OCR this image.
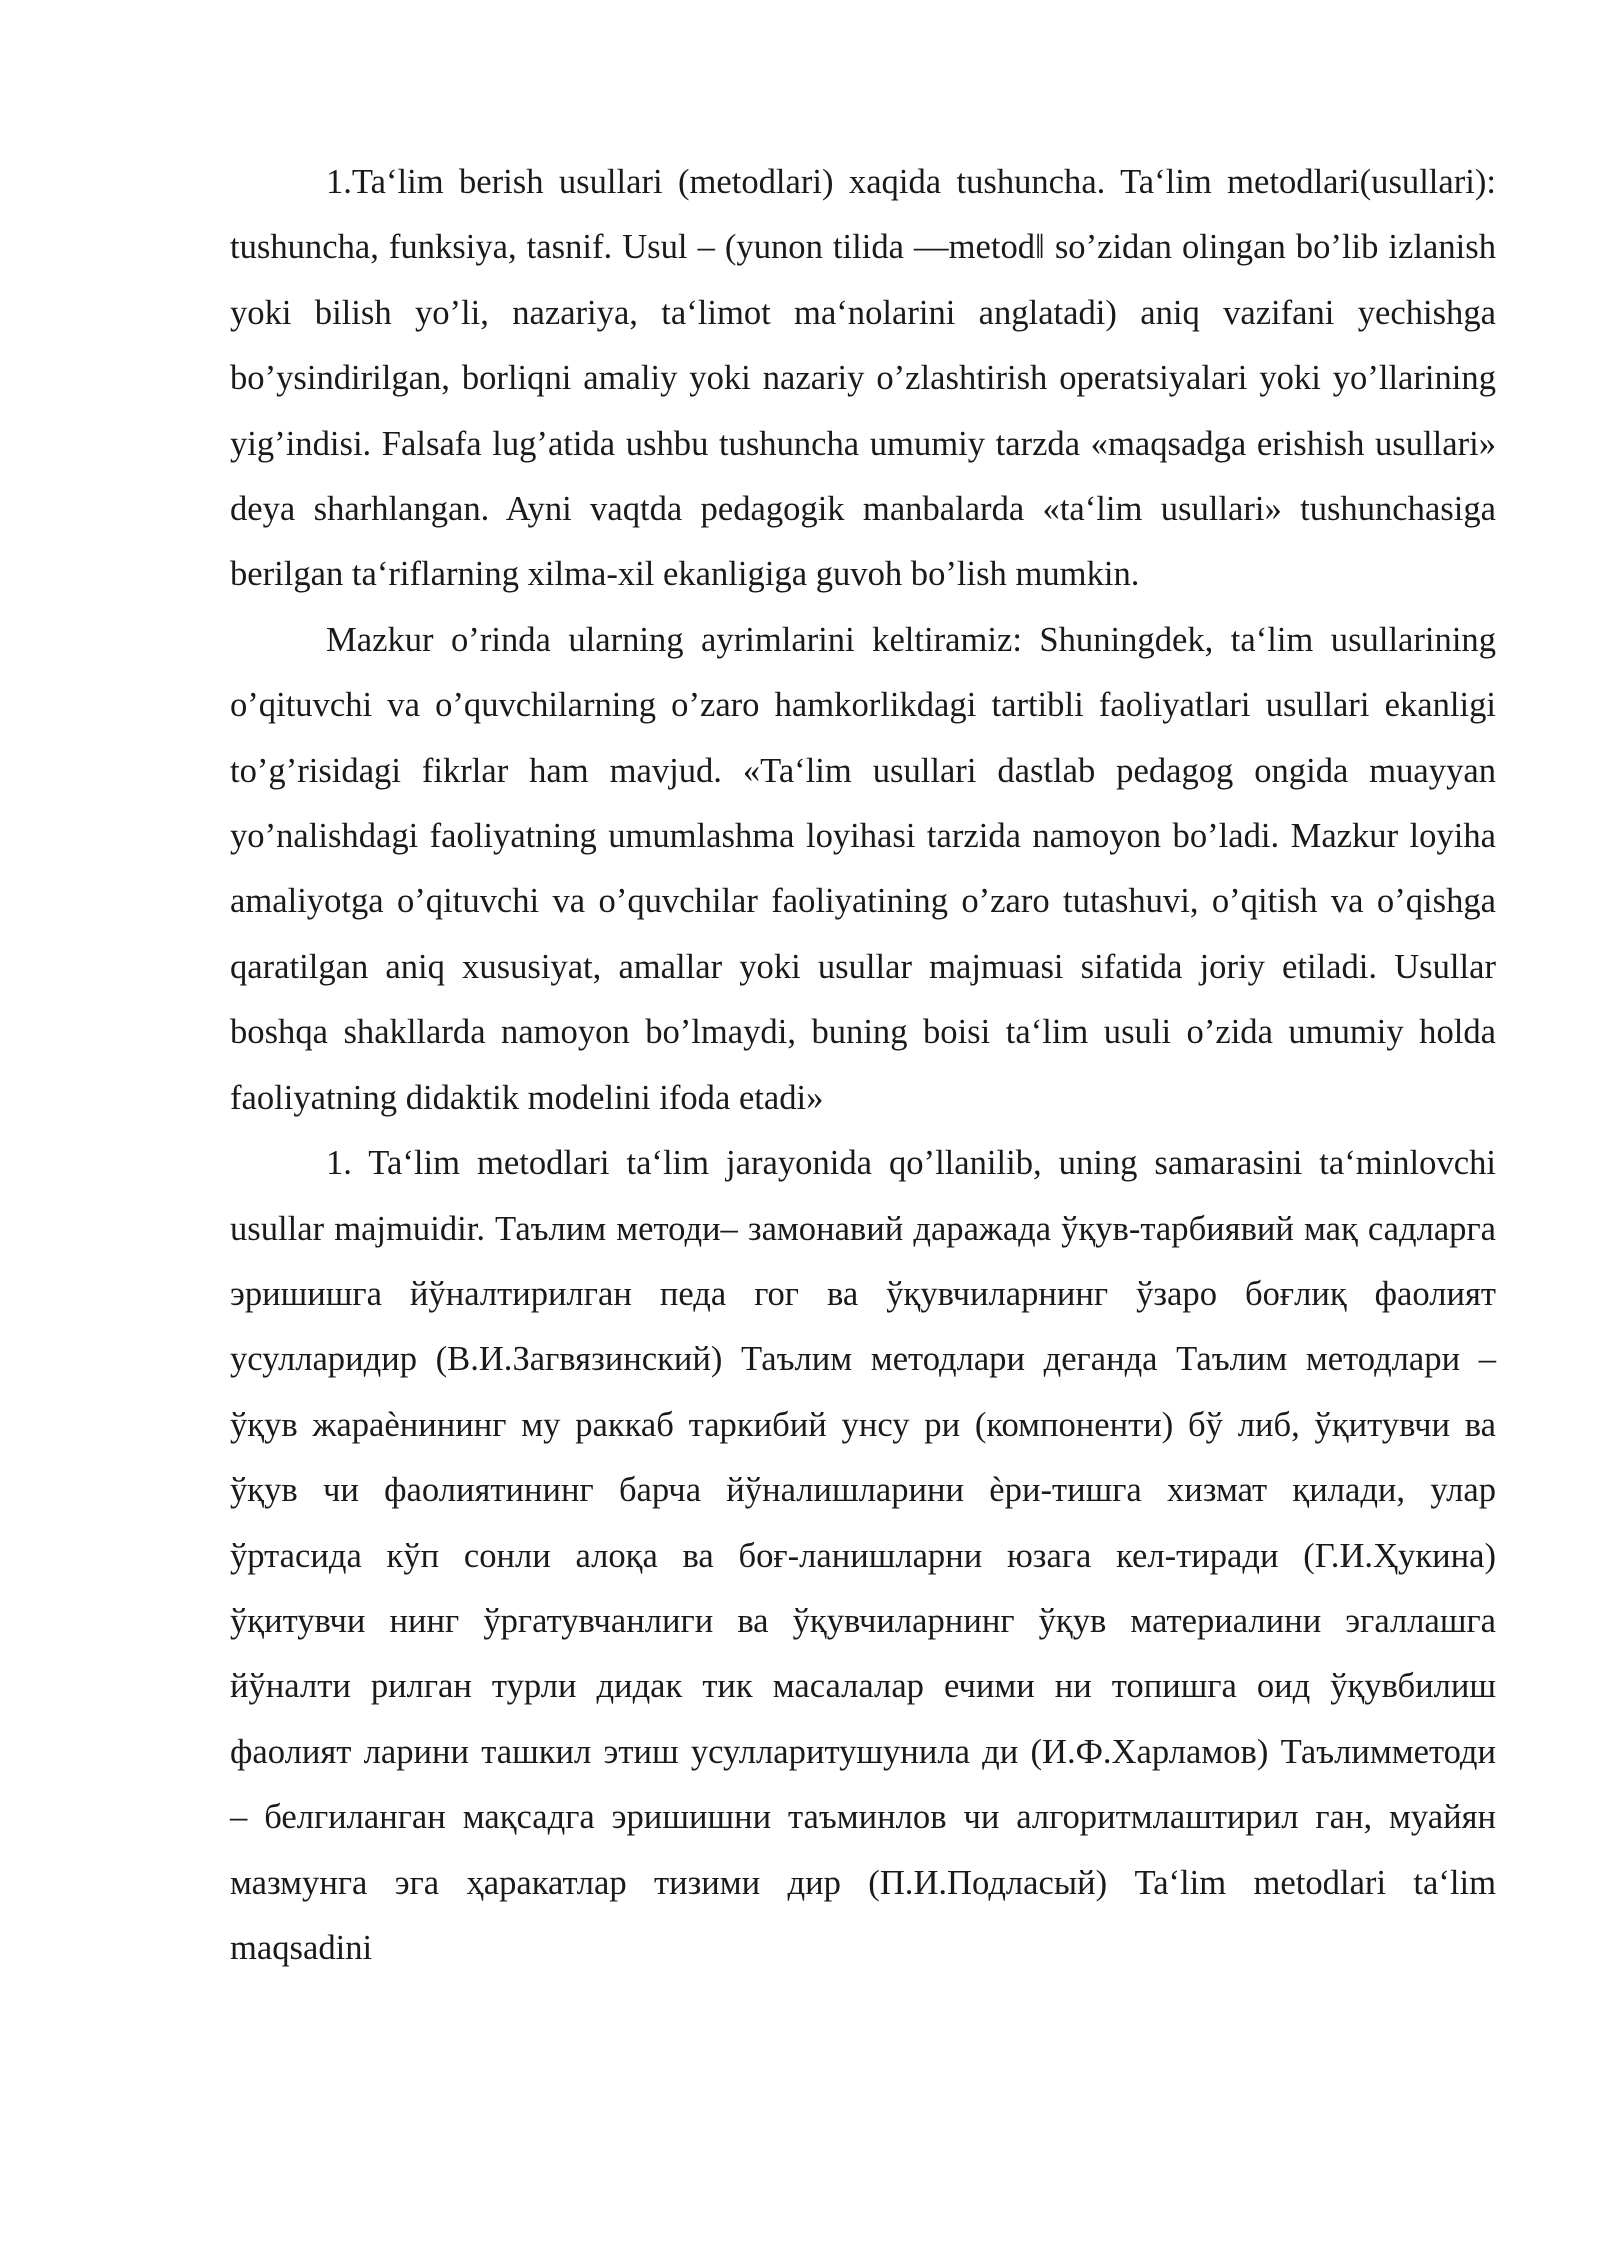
1.Taʻlim berish usullari (metodlari) xaqida tushuncha. Taʻlim metodlari(usullari): tushuncha, funksiya, tasnif. Usul – (yunon tilida ―metod‖ so’zidan olingan bo’lib izlanish yoki bilish yo’li, nazariya, taʻlimot maʻnolarini anglatadi) aniq vazifani yechishga bo’ysindirilgan, borliqni amaliy yoki nazariy o’zlashtirish operatsiyalari yoki yo’llarining yig’indisi. Falsafa lug’atida ushbu tushuncha umumiy tarzda «maqsadga erishish usullari» deya sharhlangan. Ayni vaqtda pedagogik manbalarda «taʻlim usullari» tushunchasiga berilgan taʻriflarning xilma-xil ekanligiga guvoh bo’lish mumkin.

Mazkur o’rinda ularning ayrimlarini keltiramiz: Shuningdek, taʻlim usullarining o’qituvchi va o’quvchilarning o’zaro hamkorlikdagi tartibli faoliyatlari usullari ekanligi to’g’risidagi fikrlar ham mavjud. «Taʻlim usullari dastlab pedagog ongida muayyan yo’nalishdagi faoliyatning umumlashma loyihasi tarzida namoyon bo’ladi. Mazkur loyiha amaliyotga o’qituvchi va o’quvchilar faoliyatining o’zaro tutashuvi, o’qitish va o’qishga qaratilgan aniq xususiyat, amallar yoki usullar majmuasi sifatida joriy etiladi. Usullar boshqa shakllarda namoyon bo’lmaydi, buning boisi taʻlim usuli o’zida umumiy holda faoliyatning didaktik modelini ifoda etadi»

1. Taʻlim metodlari taʻlim jarayonida qo’llanilib, uning samarasini taʻminlovchi usullar majmuidir. Таълим методи– замонавий даражада ўқув-тарбиявий мақ садларга эришишга йўналтирилган педа гог ва ўқувчиларнинг ўзаро боғлиқ фаолият усулларидир (В.И.Загвязинский) Таълим методлари деганда Таълим методлари – ўқув жараѐнининг му раккаб таркибий унсу ри (компоненти) бў либ, ўқитувчи ва ўқув чи фаолиятининг барча йўналишларини ѐри-тишга хизмат қилади, улар ўртасида кўп сонли алоқа ва боғ-ланишларни юзага кел-тиради (Г.И.Ҳукина) ўқитувчи нинг ўргатувчанлиги ва ўқувчиларнинг ўқув материалини эгаллашга йўналти рилган турли дидак тик масалалар ечими ни топишга оид ўқувбилиш фаолият ларини ташкил этиш усулларитушунила ди (И.Ф.Харламов) Таълимметоди – белгиланган мақсадга эришишни таъминлов чи алгоритмлаштирил ган, муайян мазмунга эга ҳаракатлар тизими дир (П.И.Подласый) Taʻlim metodlari taʻlim maqsadini
